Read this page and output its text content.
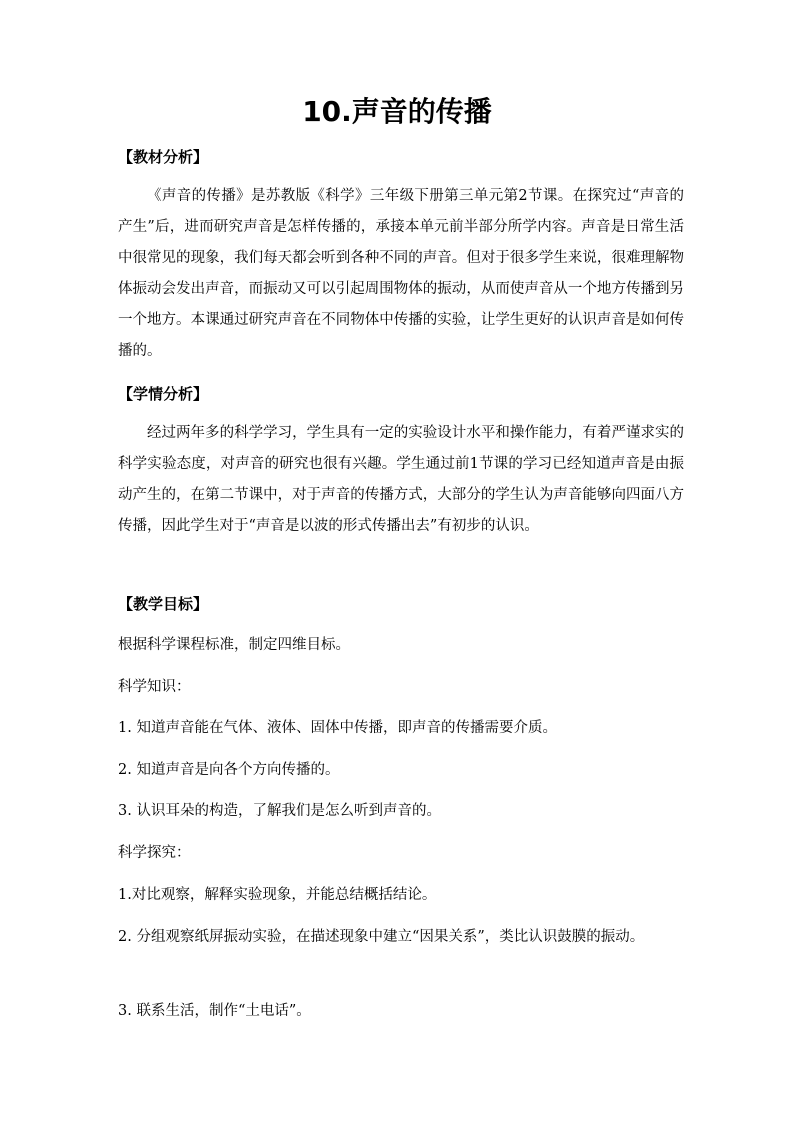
10.声音的传播
【教材分析】
《声音的传播》是苏教版《科学》三年级下册第三单元第2节课。在探究过“声音的产生”后，进而研究声音是怎样传播的，承接本单元前半部分所学内容。声音是日常生活中很常见的现象，我们每天都会听到各种不同的声音。但对于很多学生来说，很难理解物体振动会发出声音，而振动又可以引起周围物体的振动，从而使声音从一个地方传播到另一个地方。本课通过研究声音在不同物体中传播的实验，让学生更好的认识声音是如何传播的。
【学情分析】
经过两年多的科学学习，学生具有一定的实验设计水平和操作能力，有着严谨求实的科学实验态度，对声音的研究也很有兴趣。学生通过前1节课的学习已经知道声音是由振动产生的，在第二节课中，对于声音的传播方式，大部分的学生认为声音能够向四面八方传播，因此学生对于“声音是以波的形式传播出去”有初步的认识。
【教学目标】
根据科学课程标准，制定四维目标。
科学知识：
1. 知道声音能在气体、液体、固体中传播，即声音的传播需要介质。
2. 知道声音是向各个方向传播的。
3. 认识耳朵的构造，了解我们是怎么听到声音的。
科学探究：
1.对比观察，解释实验现象，并能总结概括结论。
2. 分组观察纸屏振动实验，在描述现象中建立“因果关系”，类比认识鼓膜的振动。
3. 联系生活，制作“土电话”。
